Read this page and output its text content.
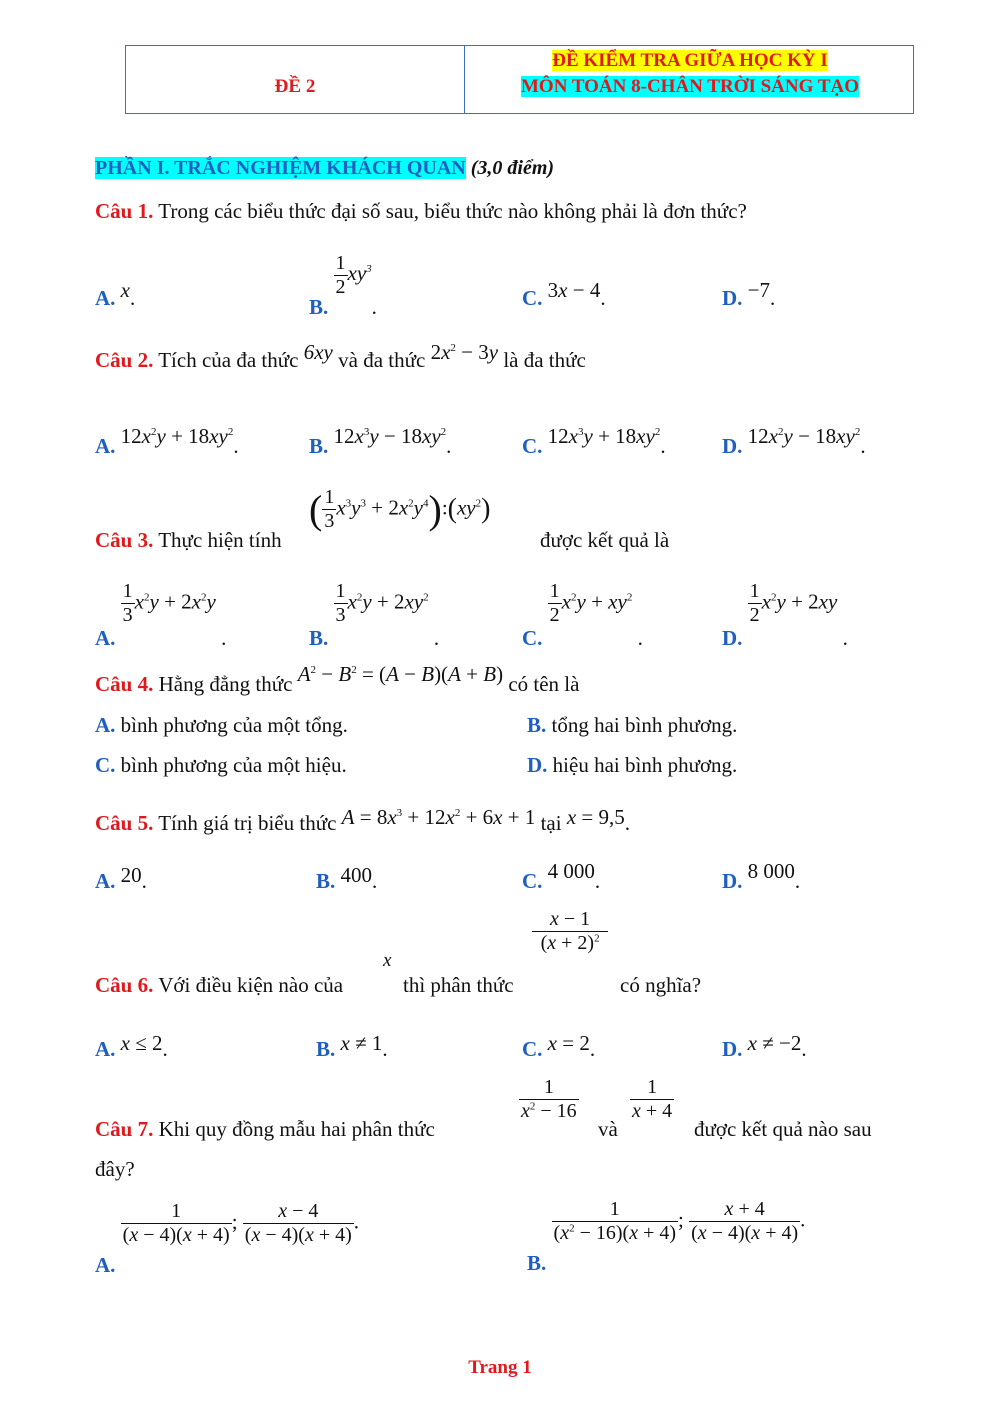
ĐỀ 2
ĐỀ KIỂM TRA GIỮA HỌC KỲ I
MÔN TOÁN 8-CHÂN TRỜI SÁNG TẠO
PHẦN I. TRẮC NGHIỆM KHÁCH QUAN (3,0 điểm)
Câu 1. Trong các biểu thức đại số sau, biểu thức nào không phải là đơn thức?
A. x.	B.
$\frac{1}{2} xy^3$.	C. 3x − 4.	D. −7.
Câu 2. Tích của đa thức 6xy và đa thức $2x^2 - 3y$ là đa thức
A. $12x^2y + 18xy^2$.	B. $12x^3y - 18xy^2$.	C. $12x^3y + 18xy^2$.	D. $12x^2y - 18xy^2$.
Câu 3. Thực hiện tính
( $\frac{1}{3} x^3y^3$ + $2x^2y^4):(xy^2)$
được kết quả là
A.
$\frac{1}{3} x^2y + 2x^2y$ .	B.
$\frac{1}{3} x^2y + 2xy^2$ .	C.
$\frac{1}{2} x^2y + xy^2$ .	D.
$\frac{1}{2} x^2y + 2xy$ .
Câu 4. Hằng đẳng thức $A^2 - B^2 = (A - B)(A + B)$ có tên là
A. bình phương của một tổng.	B. tổng hai bình phương.
C. bình phương của một hiệu.	D. hiệu hai bình phương.
Câu 5. Tính giá trị biểu thức $A = 8x^3 + 12x^2 + 6x + 1$ tại x = 9,5.
A. 20.	B. 400.	C. 4 000.	D. 8 000.
Câu 6. Với điều kiện nào của
x
thì phân thức
$\frac{x - 1}{(x + 2)^2}$
có nghĩa?
A. x ≤ 2.	B. x ≠ 1.	C. x = 2.	D. x ≠ −2.
Câu 7. Khi quy đồng mẫu hai phân thức
$\frac{1}{x^2 - 16}$
và
$\frac{1}{x + 4}$
được kết quả nào sau
đây?
A.
$\frac{1}{(x - 4)(x + 4)}$ ; $\frac{x - 4}{(x - 4)(x + 4)}$ .
B.
$\frac{1}{(x^2 - 16)(x + 4)}$ ; $\frac{x + 4}{(x - 4)(x + 4)}$ .
Trang 1
